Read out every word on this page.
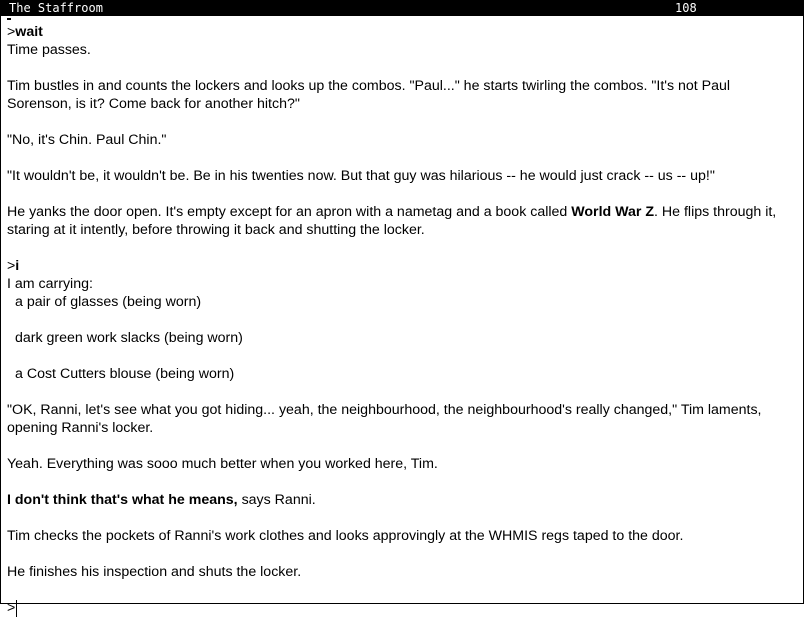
The Staffroom	108

>wait

Time passes.

Tim bustles in and counts the lockers and looks up the combos. "Paul..." he starts twirling the combos. "It's not Paul Sorenson, is it? Come back for another hitch?"

"No, it's Chin. Paul Chin."

"It wouldn't be, it wouldn't be. Be in his twenties now. But that guy was hilarious -- he would just crack -- us -- up!"

He yanks the door open. It's empty except for an apron with a nametag and a book called World War Z. He flips through it, staring at it intently, before throwing it back and shutting the locker.

>i

I am carrying:

a pair of glasses (being worn)

dark green work slacks (being worn)

a Cost Cutters blouse (being worn)

"OK, Ranni, let's see what you got hiding... yeah, the neighbourhood, the neighbourhood's really changed," Tim laments, opening Ranni's locker.

Yeah. Everything was sooo much better when you worked here, Tim.

I don't think that's what he means, says Ranni.

Tim checks the pockets of Ranni's work clothes and looks approvingly at the WHMIS regs taped to the door.

He finishes his inspection and shuts the locker.

>
